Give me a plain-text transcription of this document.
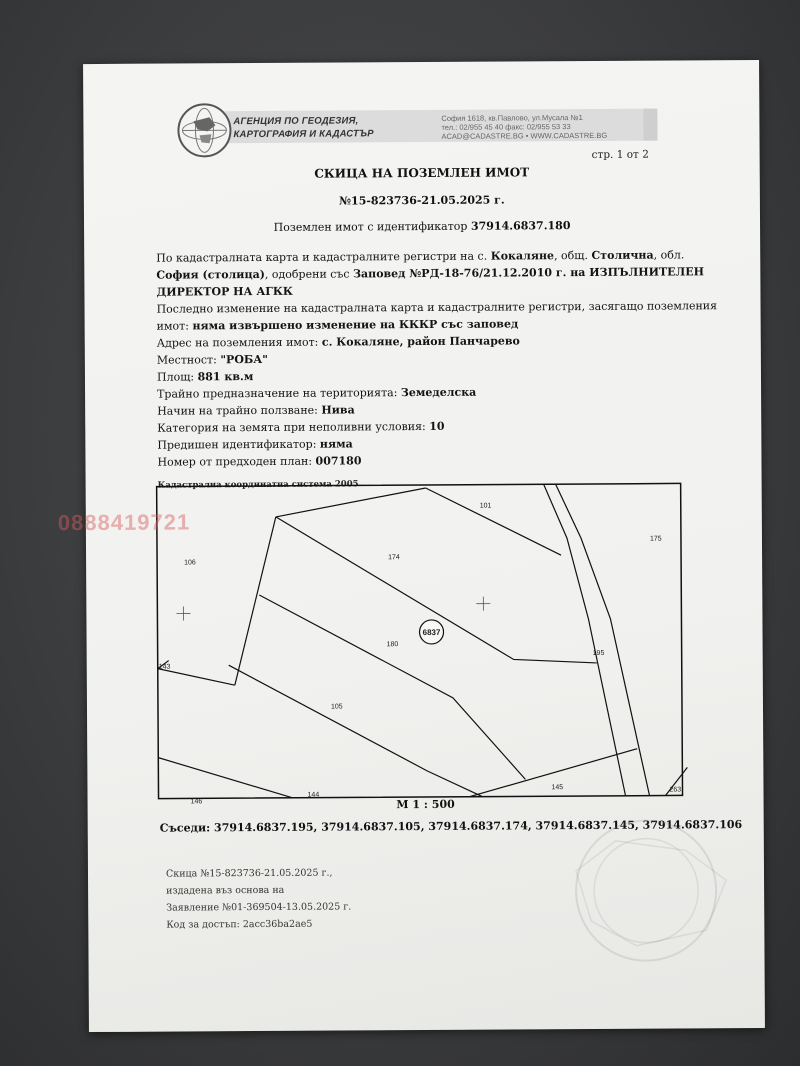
АГЕНЦИЯ ПО ГЕОДЕЗИЯ,
КАРТОГРАФИЯ И КАДАСТЪР
София 1618, кв.Павлово, ул.Мусала №1
тел.: 02/955 45 40 факс: 02/955 53 33
ACAD@CADASTRE.BG • WWW.CADASTRE.BG
стр. 1 от 2
СКИЦА НА ПОЗЕМЛЕН ИМОТ
№15-823736-21.05.2025 г.
Поземлен имот с идентификатор 37914.6837.180
По кадастралната карта и кадастралните регистри на с. Кокаляне, общ. Столична, обл.
София (столица), одобрени със Заповед №РД-18-76/21.12.2010 г. на ИЗПЪЛНИТЕЛЕН
ДИРЕКТОР НА АГКК
Последно изменение на кадастралната карта и кадастралните регистри, засягащо поземления
имот: няма извършено изменение на КККР със заповед
Адрес на поземления имот: с. Кокаляне, район Панчарево
Местност: "РОБА"
Площ: 881 кв.м
Трайно предназначение на територията: Земеделска
Начин на трайно ползване: Нива
Категория на земята при неполивни условия: 10
Предишен идентификатор: няма
Номер от предходен план: 007180
Кадастрална координатна система 2005
6837
101
174
175
106
180
195
143
105
145
146
144
263
0888419721
М 1 : 500
Съседи: 37914.6837.195, 37914.6837.105, 37914.6837.174, 37914.6837.145, 37914.6837.106
Скица №15-823736-21.05.2025 г.,
издадена въз основа на
Заявление №01-369504-13.05.2025 г.
Код за достъп: 2acc36ba2ae5
